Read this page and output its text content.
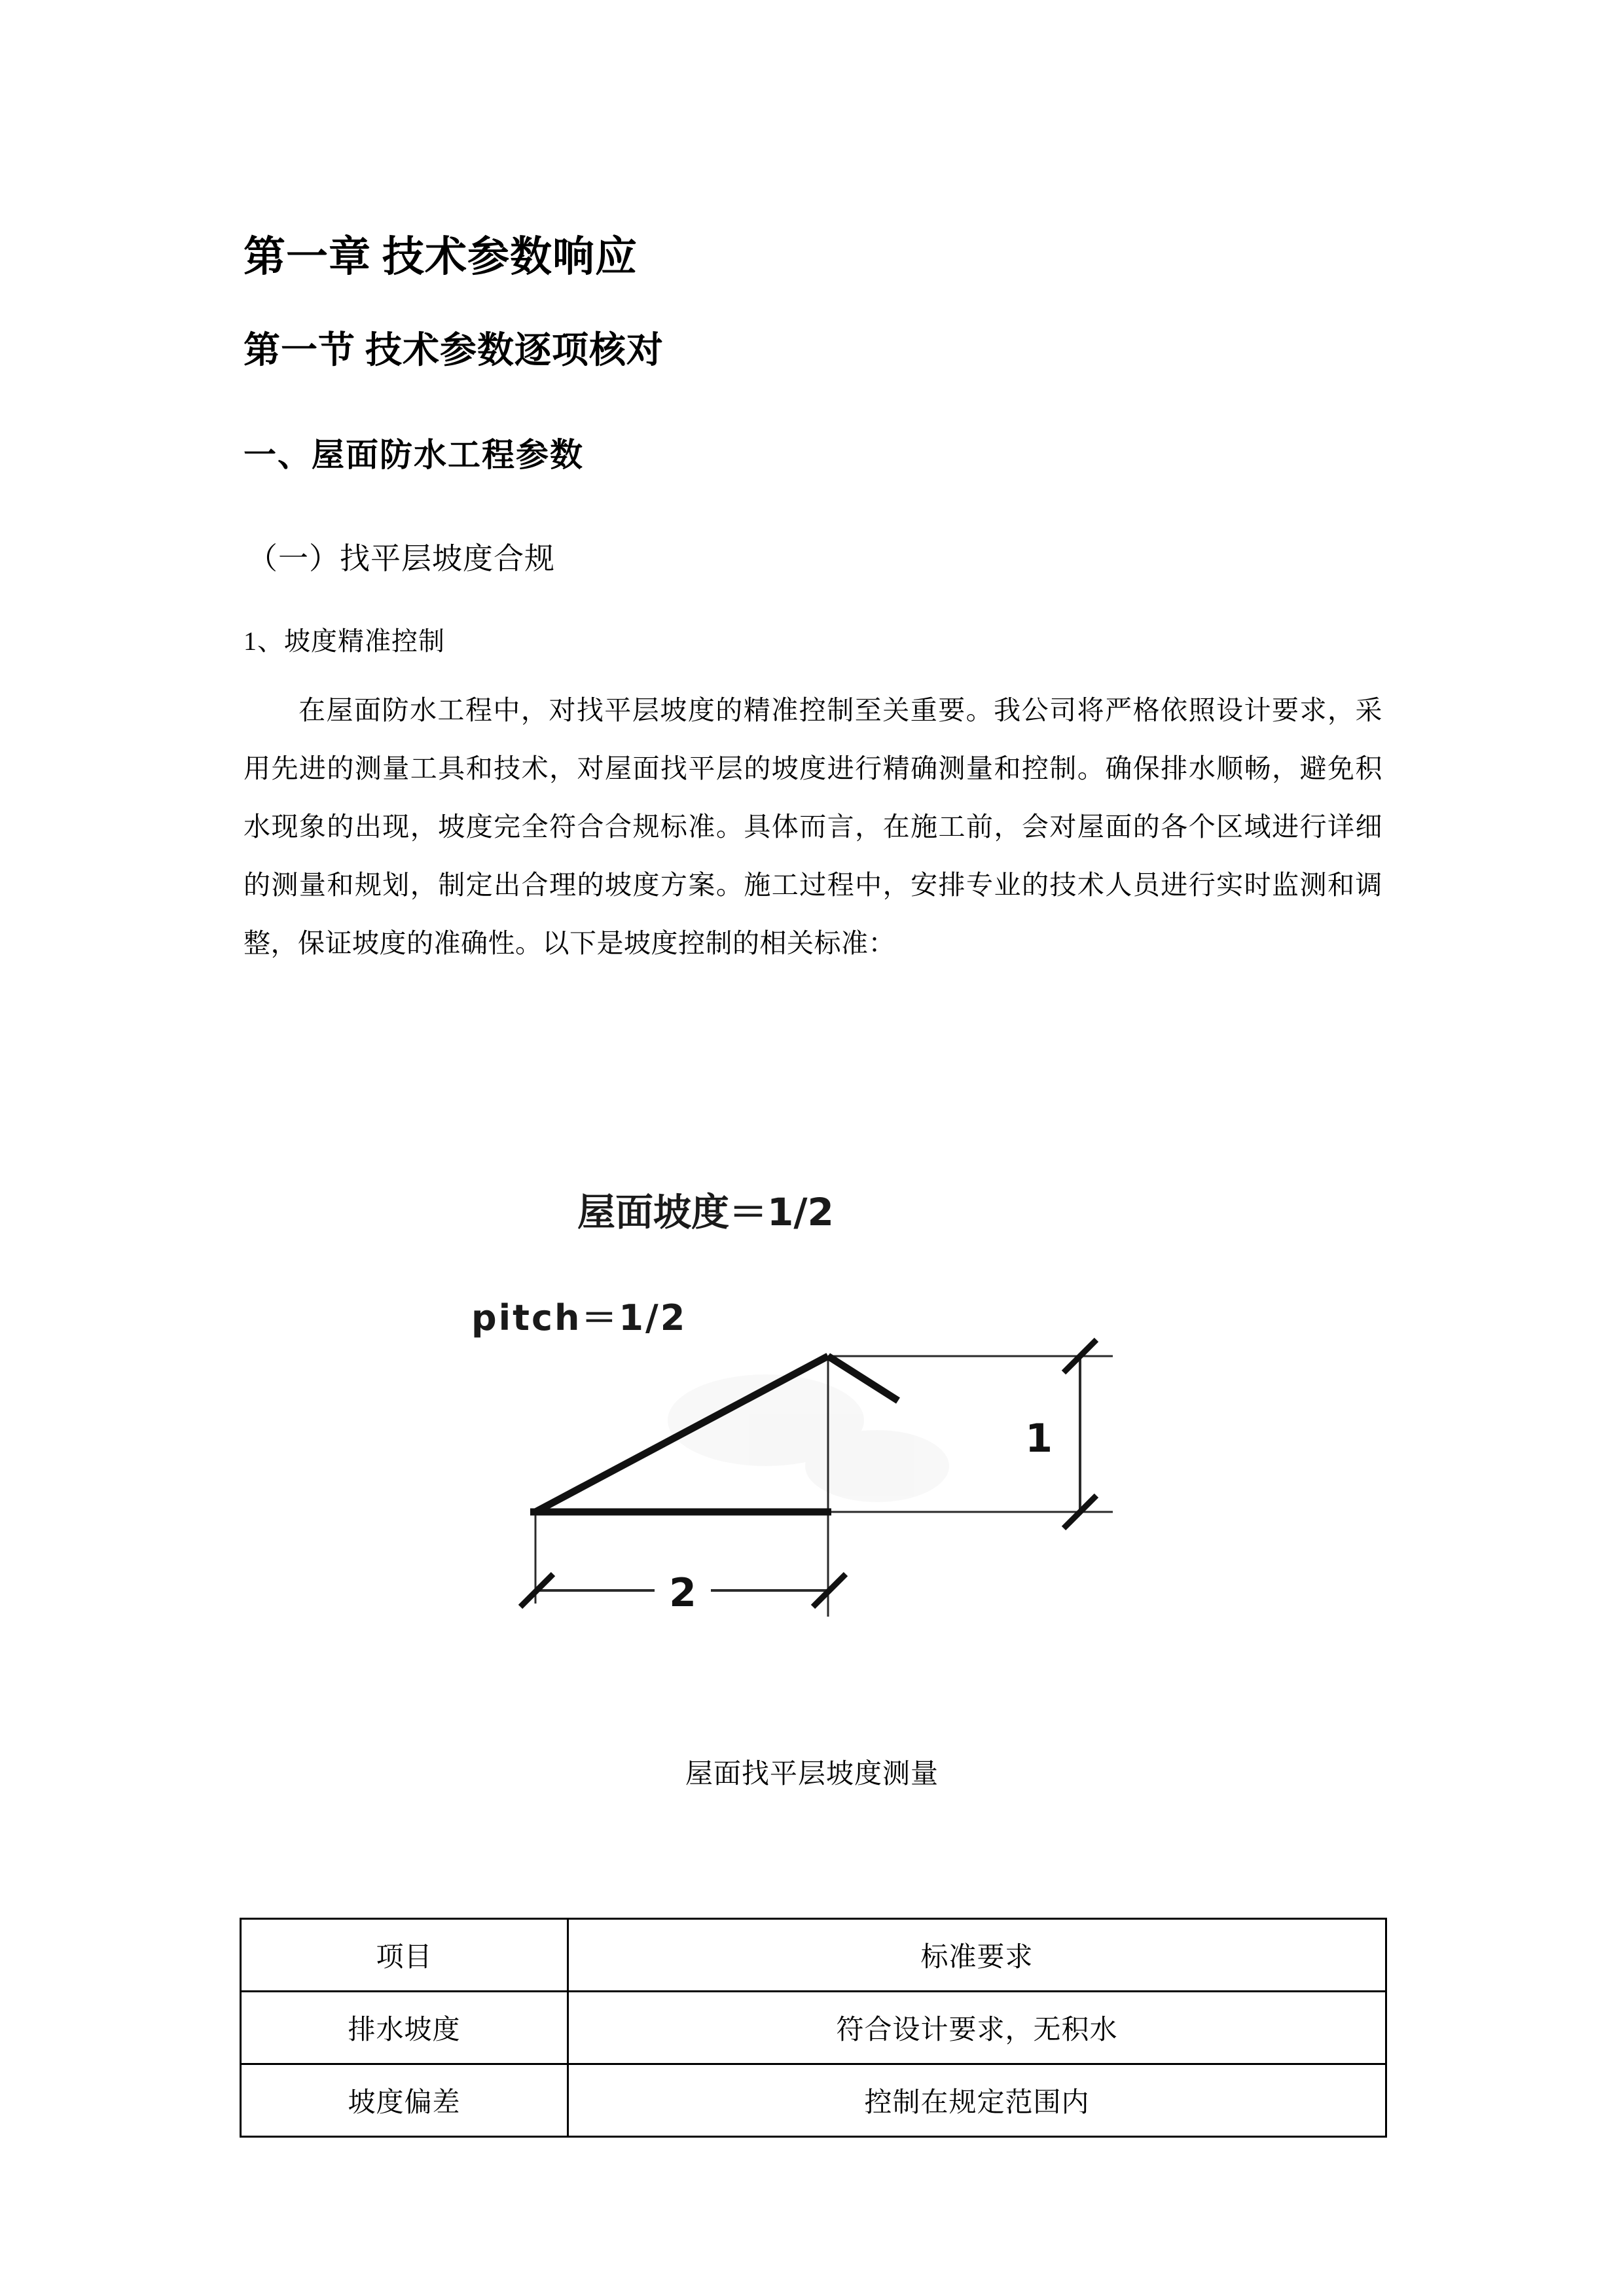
第一章 技术参数响应
第一节 技术参数逐项核对
一、屋面防水工程参数
（一）找平层坡度合规
1、坡度精准控制

在屋面防水工程中，对找平层坡度的精准控制至关重要。我公司将严格依照设计要求，采用先进的测量工具和技术，对屋面找平层的坡度进行精确测量和控制。确保排水顺畅，避免积水现象的出现，坡度完全符合合规标准。具体而言，在施工前，会对屋面的各个区域进行详细的测量和规划，制定出合理的坡度方案。施工过程中，安排专业的技术人员进行实时监测和调整，保证坡度的准确性。以下是坡度控制的相关标准：

屋面坡度＝1/2
pitch＝1/2
1
2
屋面找平层坡度测量
项目	标准要求
排水坡度	符合设计要求，无积水
坡度偏差	控制在规定范围内
